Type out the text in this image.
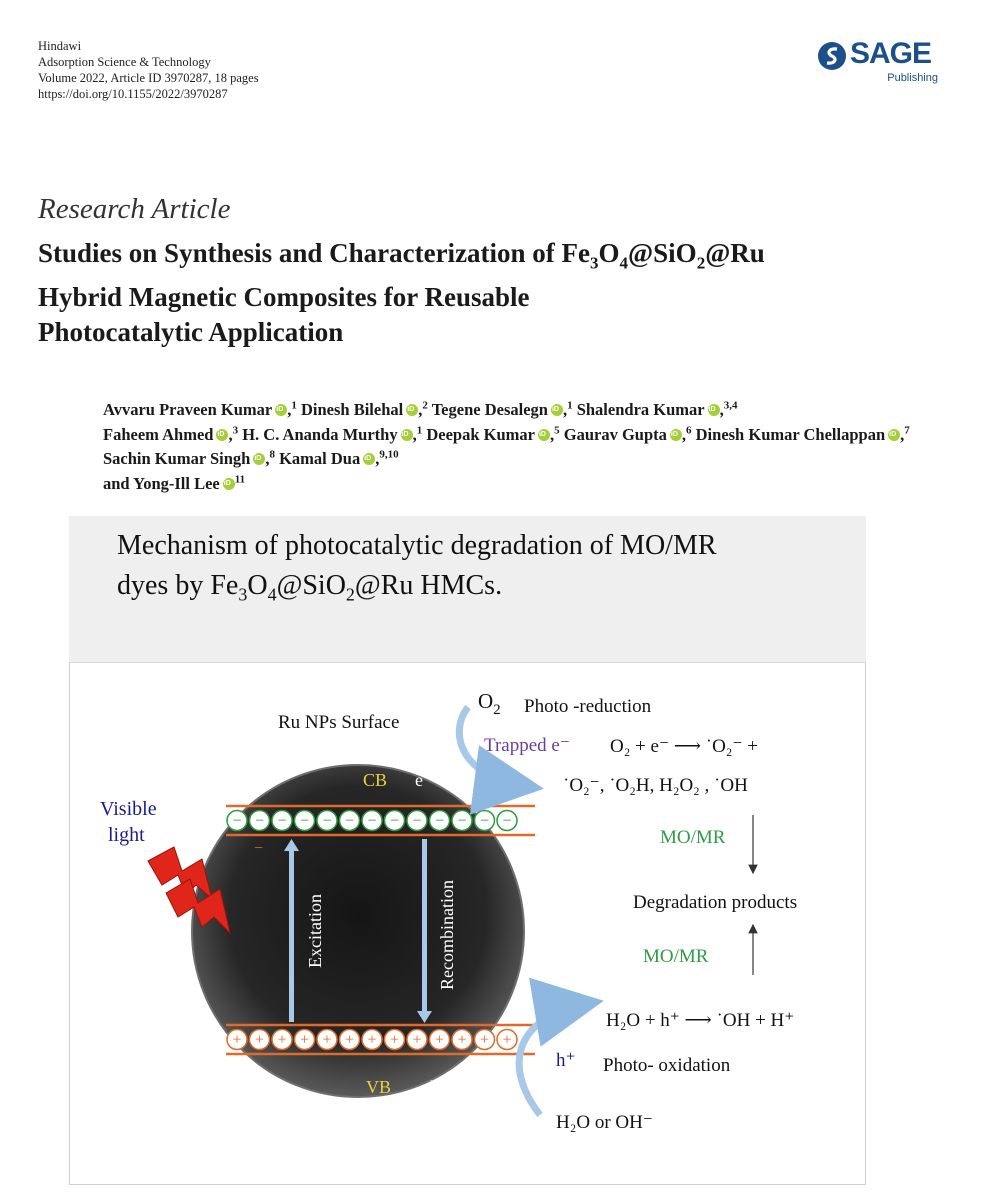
Hindawi
Adsorption Science & Technology
Volume 2022, Article ID 3970287, 18 pages
https://doi.org/10.1155/2022/3970287
SAGE
Publishing
Research Article
Studies on Synthesis and Characterization of $Fe_3O_4@SiO_2@Ru$
Hybrid Magnetic Composites for Reusable
Photocatalytic Application
Avvaru Praveen Kumar iD ,$^1$ Dinesh Bilehal iD ,$^2$ Tegene Desalegn iD ,$^1$ Shalendra Kumar iD ,$^{3,4}$
Faheem Ahmed iD ,$^3$ H. C. Ananda Murthy iD ,$^1$ Deepak Kumar iD ,$^5$ Gaurav Gupta iD ,$^6$ Dinesh Kumar Chellappan iD ,$^7$
Sachin Kumar Singh iD ,$^8$ Kamal Dua iD ,$^{9,10}$
and Yong-Ill Lee iD $^{11}$
Mechanism of photocatalytic degradation of MO/MR
dyes by $Fe_3O_4@SiO_2@Ru$ HMCs.
Ru NPs Surface
Visible
light
CB e⁻
−
VB h⁺
− − − − − − − − − − − − −
+ + + + + + + + + + + + +
Excitation	Recombination
$O_2$ Photo -reduction
Trapped e⁻ O₂ + e⁻ ⟶ ˙O₂⁻ +
˙O₂⁻, ˙O₂H, H₂O₂ , ˙OH
MO/MR
Degradation products
MO/MR
H₂O + h⁺ ⟶ ˙OH + H⁺
h⁺ Photo- oxidation
H₂O or OH⁻
